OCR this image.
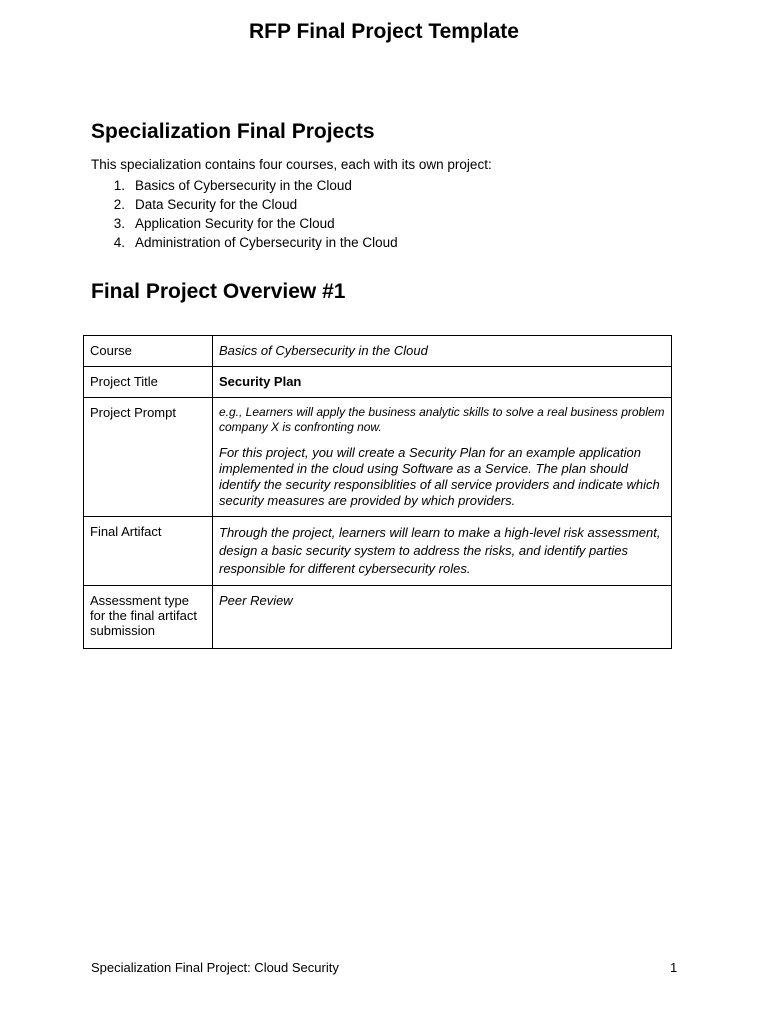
RFP Final Project Template
Specialization Final Projects
This specialization contains four courses, each with its own project:
1. Basics of Cybersecurity in the Cloud
2. Data Security for the Cloud
3. Application Security for the Cloud
4. Administration of Cybersecurity in the Cloud
Final Project Overview #1
Course	Basics of Cybersecurity in the Cloud
Project Title	Security Plan
Project Prompt	e.g., Learners will apply the business analytic skills to solve a real business problem company X is confronting now.

For this project, you will create a Security Plan for an example application implemented in the cloud using Software as a Service. The plan should identify the security responsiblities of all service providers and indicate which security measures are provided by which providers.

Final Artifact	Through the project, learners will learn to make a high-level risk assessment, design a basic security system to address the risks, and identify parties responsible for different cybersecurity roles.
Assessment type for the final artifact submission	Peer Review
Specialization Final Project: Cloud Security	1
